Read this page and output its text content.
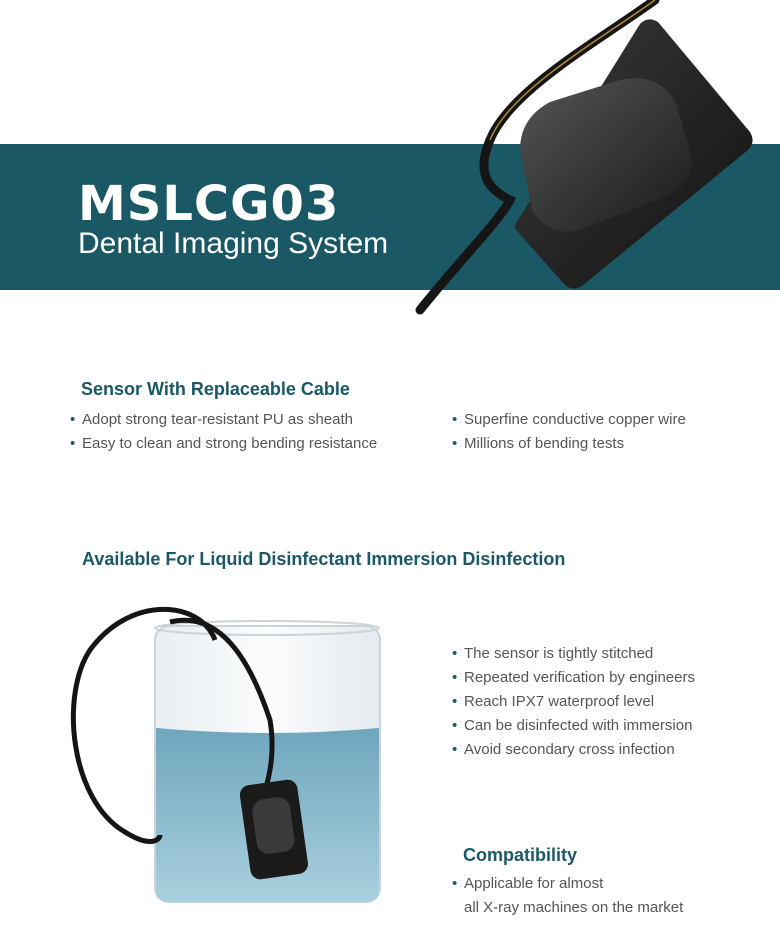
MSLCG03
Dental Imaging System
Sensor With Replaceable Cable
• Adopt strong tear-resistant PU as sheath
• Easy to clean and strong bending resistance
• Superfine conductive copper wire
• Millions of bending tests
Available For Liquid Disinfectant Immersion Disinfection
• The sensor is tightly stitched
• Repeated verification by engineers
• Reach IPX7 waterproof level
• Can be disinfected with immersion
• Avoid secondary cross infection
Compatibility
• Applicable for almost
all X-ray machines on the market
